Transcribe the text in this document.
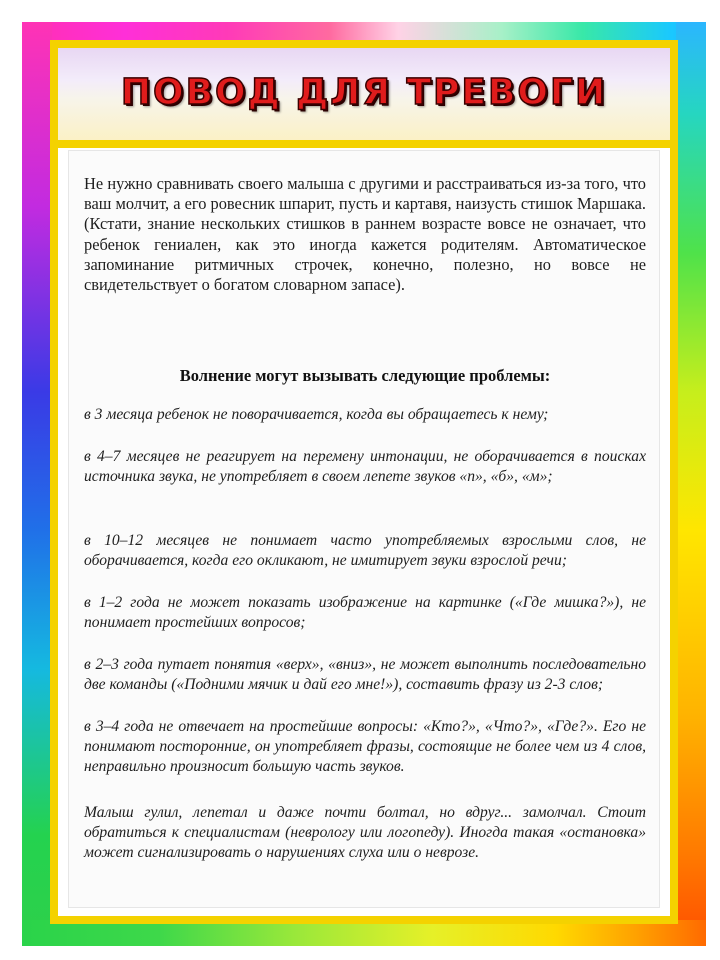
ПОВОД ДЛЯ ТРЕВОГИ

Не нужно сравнивать своего малыша с другими и расстраиваться из-за того, что ваш молчит, а его ровесник шпарит, пусть и картавя, наизусть стишок Маршака. (Кстати, знание нескольких стишков в раннем возрасте вовсе не означает, что ребенок гениален, как это иногда кажется родителям. Автоматическое запоминание ритмичных строчек, конечно, полезно, но вовсе не свидетельствует о богатом словарном запасе).

Волнение могут вызывать следующие проблемы:
в 3 месяца ребенок не поворачивается, когда вы обращаетесь к нему;
в 4–7 месяцев не реагирует на перемену интонации, не оборачивается в поисках источника звука, не употребляет в своем лепете звуков «п», «б», «м»;
в 10–12 месяцев не понимает часто употребляемых взрослыми слов, не оборачивается, когда его окликают, не имитирует звуки взрослой речи;
в 1–2 года не может показать изображение на картинке («Где мишка?»), не понимает простейших вопросов;
в 2–3 года путает понятия «верх», «вниз», не может выполнить последовательно две команды («Подними мячик и дай его мне!»), составить фразу из 2-3 слов;
в 3–4 года не отвечает на простейшие вопросы: «Кто?», «Что?», «Где?». Его не понимают посторонние, он употребляет фразы, состоящие не более чем из 4 слов, неправильно произносит большую часть звуков.
Малыш гулил, лепетал и даже почти болтал, но вдруг... замолчал. Стоит обратиться к специалистам (неврологу или логопеду). Иногда такая «остановка» может сигнализировать о нарушениях слуха или о неврозе.
